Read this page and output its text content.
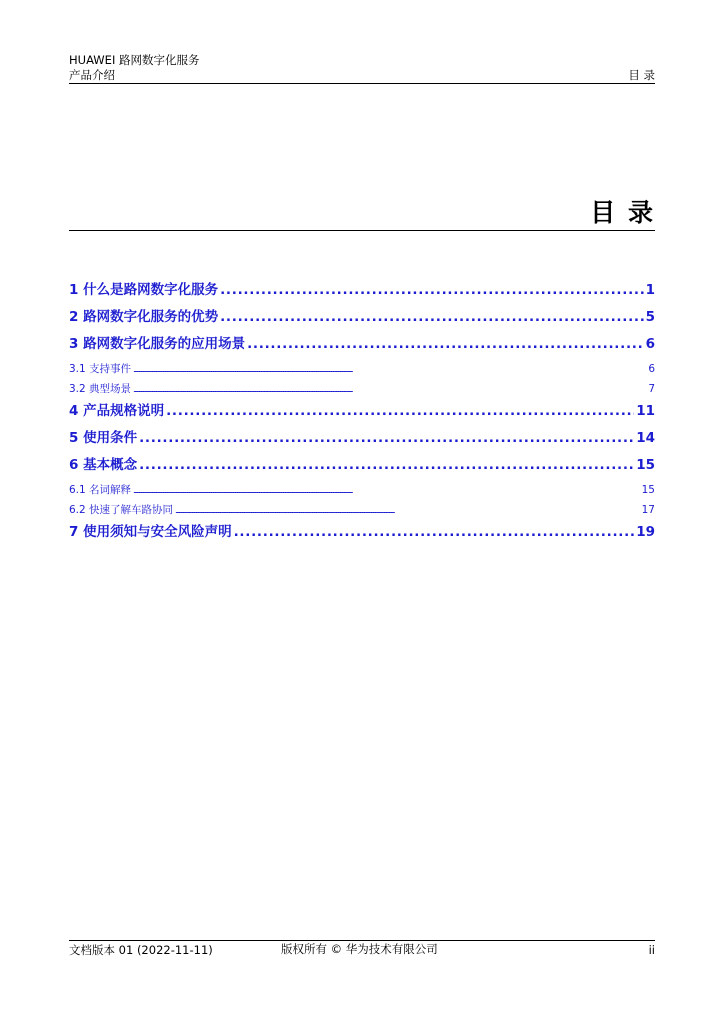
HUAWEI 路网数字化服务
产品介绍	目 录
目 录
1 什么是路网数字化服务 . . .	1
2 路网数字化服务的优势 . . .	5
3 路网数字化服务的应用场景 . . .	6
3.1 支持事件 . . .	6
3.2 典型场景 . . .	7
4 产品规格说明 . . .	11
5 使用条件 . . .	14
6 基本概念 . . .	15
6.1 名词解释 . . .	15
6.2 快速了解车路协同 . . .	17
7 使用须知与安全风险声明 . . .	19
文档版本 01 (2022-11-11)	ii
版权所有 © 华为技术有限公司
